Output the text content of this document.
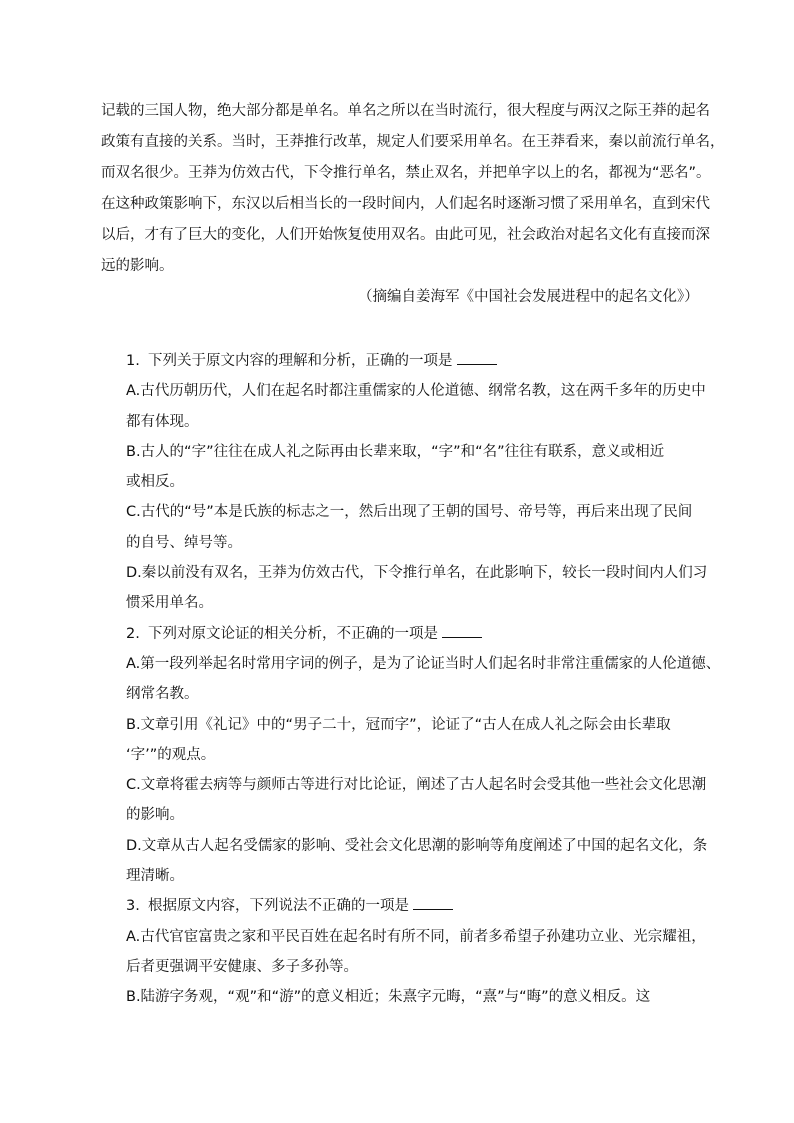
记载的三国人物，绝大部分都是单名。单名之所以在当时流行，很大程度与两汉之际王莽的起名
政策有直接的关系。当时，王莽推行改革，规定人们要采用单名。在王莽看来，秦以前流行单名，
而双名很少。王莽为仿效古代，下令推行单名，禁止双名，并把单字以上的名，都视为“恶名”。
在这种政策影响下，东汉以后相当长的一段时间内，人们起名时逐渐习惯了采用单名，直到宋代
以后，才有了巨大的变化，人们开始恢复使用双名。由此可见，社会政治对起名文化有直接而深
远的影响。
（摘编自姜海军《中国社会发展进程中的起名文化》）
1. 下列关于原文内容的理解和分析，正确的一项是
A.古代历朝历代，人们在起名时都注重儒家的人伦道德、纲常名教，这在两千多年的历史中
都有体现。
B.古人的“字”往往在成人礼之际再由长辈来取，“字”和“名”往往有联系，意义或相近
或相反。
C.古代的“号”本是氏族的标志之一，然后出现了王朝的国号、帝号等，再后来出现了民间
的自号、绰号等。
D.秦以前没有双名，王莽为仿效古代，下令推行单名，在此影响下，较长一段时间内人们习
惯采用单名。
2. 下列对原文论证的相关分析，不正确的一项是
A.第一段列举起名时常用字词的例子，是为了论证当时人们起名时非常注重儒家的人伦道德、
纲常名教。
B.文章引用《礼记》中的“男子二十，冠而字”，论证了“古人在成人礼之际会由长辈取
‘字’”的观点。
C.文章将霍去病等与颜师古等进行对比论证，阐述了古人起名时会受其他一些社会文化思潮
的影响。
D.文章从古人起名受儒家的影响、受社会文化思潮的影响等角度阐述了中国的起名文化，条
理清晰。
3. 根据原文内容，下列说法不正确的一项是
A.古代官宦富贵之家和平民百姓在起名时有所不同，前者多希望子孙建功立业、光宗耀祖，
后者更强调平安健康、多子多孙等。
B.陆游字务观，“观”和“游”的意义相近；朱熹字元晦，“熹”与“晦”的意义相反。这
